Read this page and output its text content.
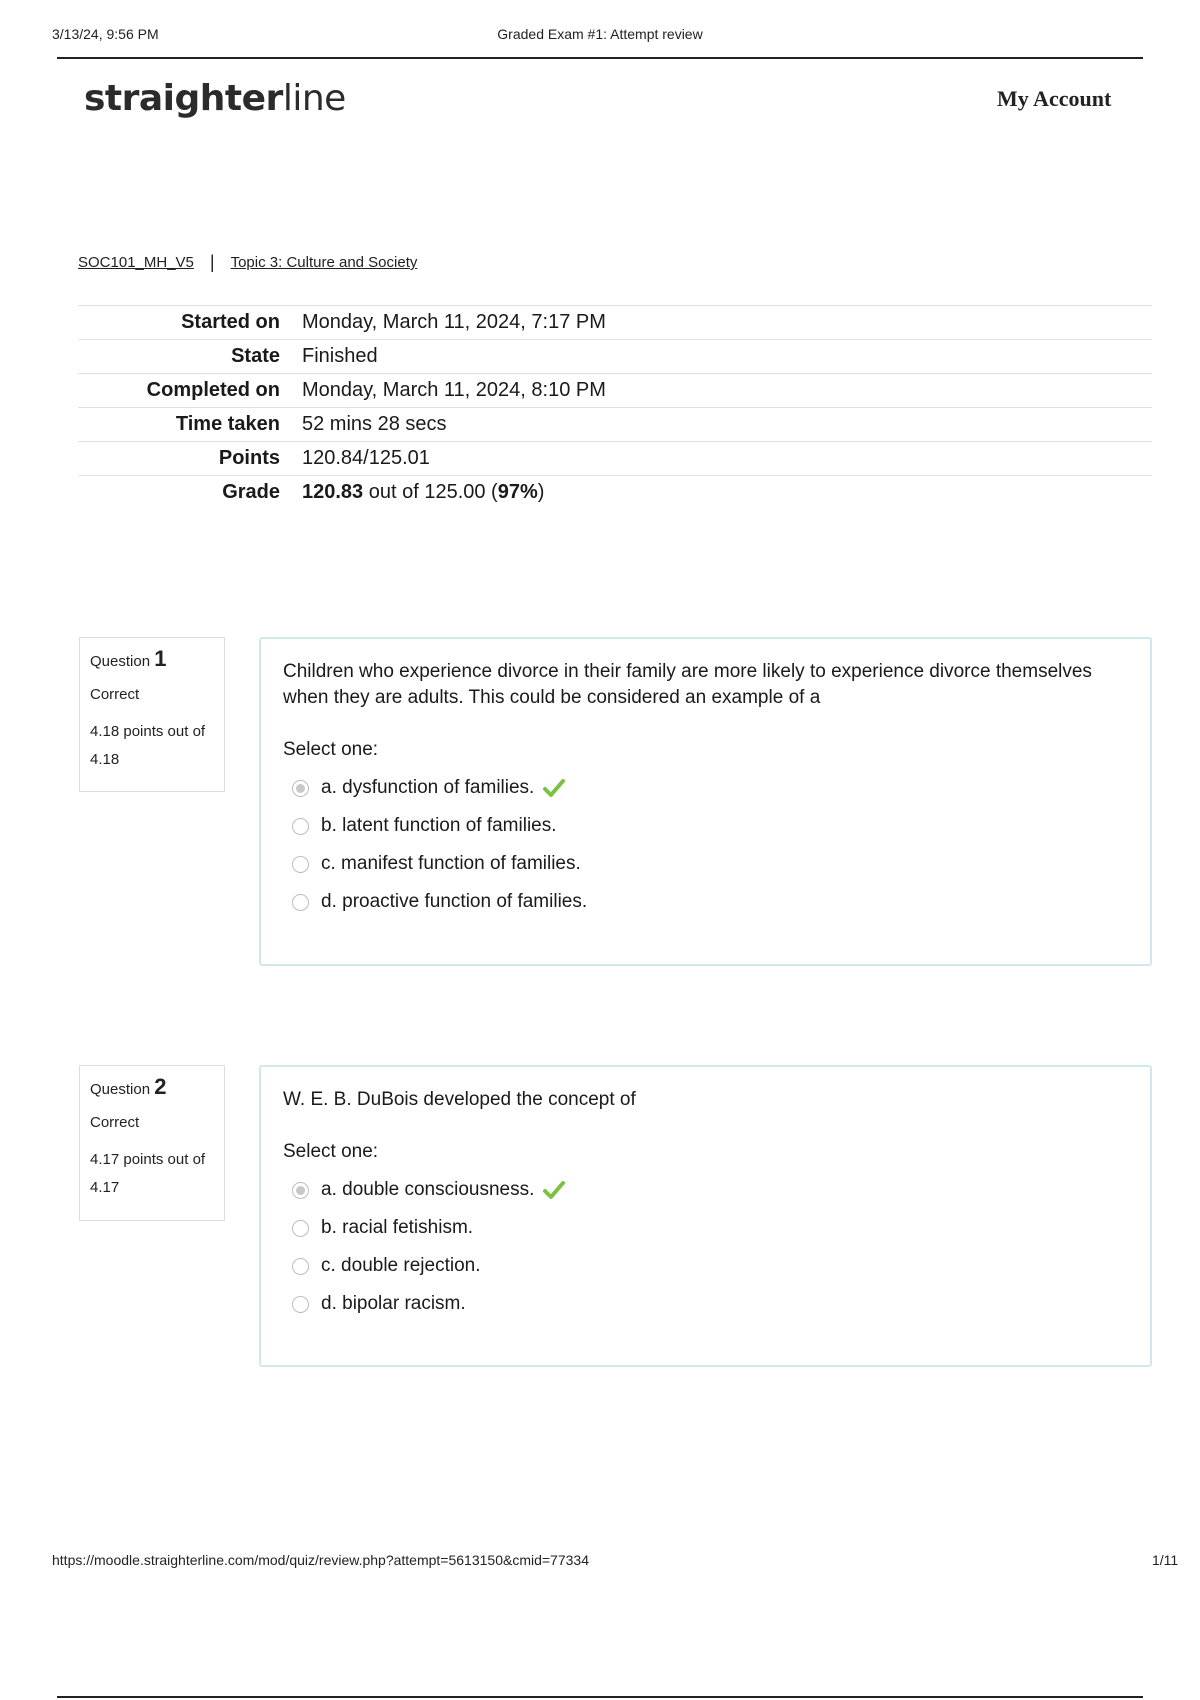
3/13/24, 9:56 PM	Graded Exam #1: Attempt review
straighterline	My Account
SOC101_MH_V5 | Topic 3: Culture and Society
Started on	Monday, March 11, 2024, 7:17 PM
State	Finished
Completed on	Monday, March 11, 2024, 8:10 PM
Time taken	52 mins 28 secs
Points	120.84/125.01
Grade	120.83 out of 125.00 (97%)
Question 1
Correct
4.18 points out of 4.18
Children who experience divorce in their family are more likely to experience divorce themselves when they are adults. This could be considered an example of a
Select one:
a. dysfunction of families.
b. latent function of families.
c. manifest function of families.
d. proactive function of families.
Question 2
Correct
4.17 points out of 4.17
W. E. B. DuBois developed the concept of
Select one:
a. double consciousness.
b. racial fetishism.
c. double rejection.
d. bipolar racism.
https://moodle.straighterline.com/mod/quiz/review.php?attempt=5613150&cmid=77334	1/11
